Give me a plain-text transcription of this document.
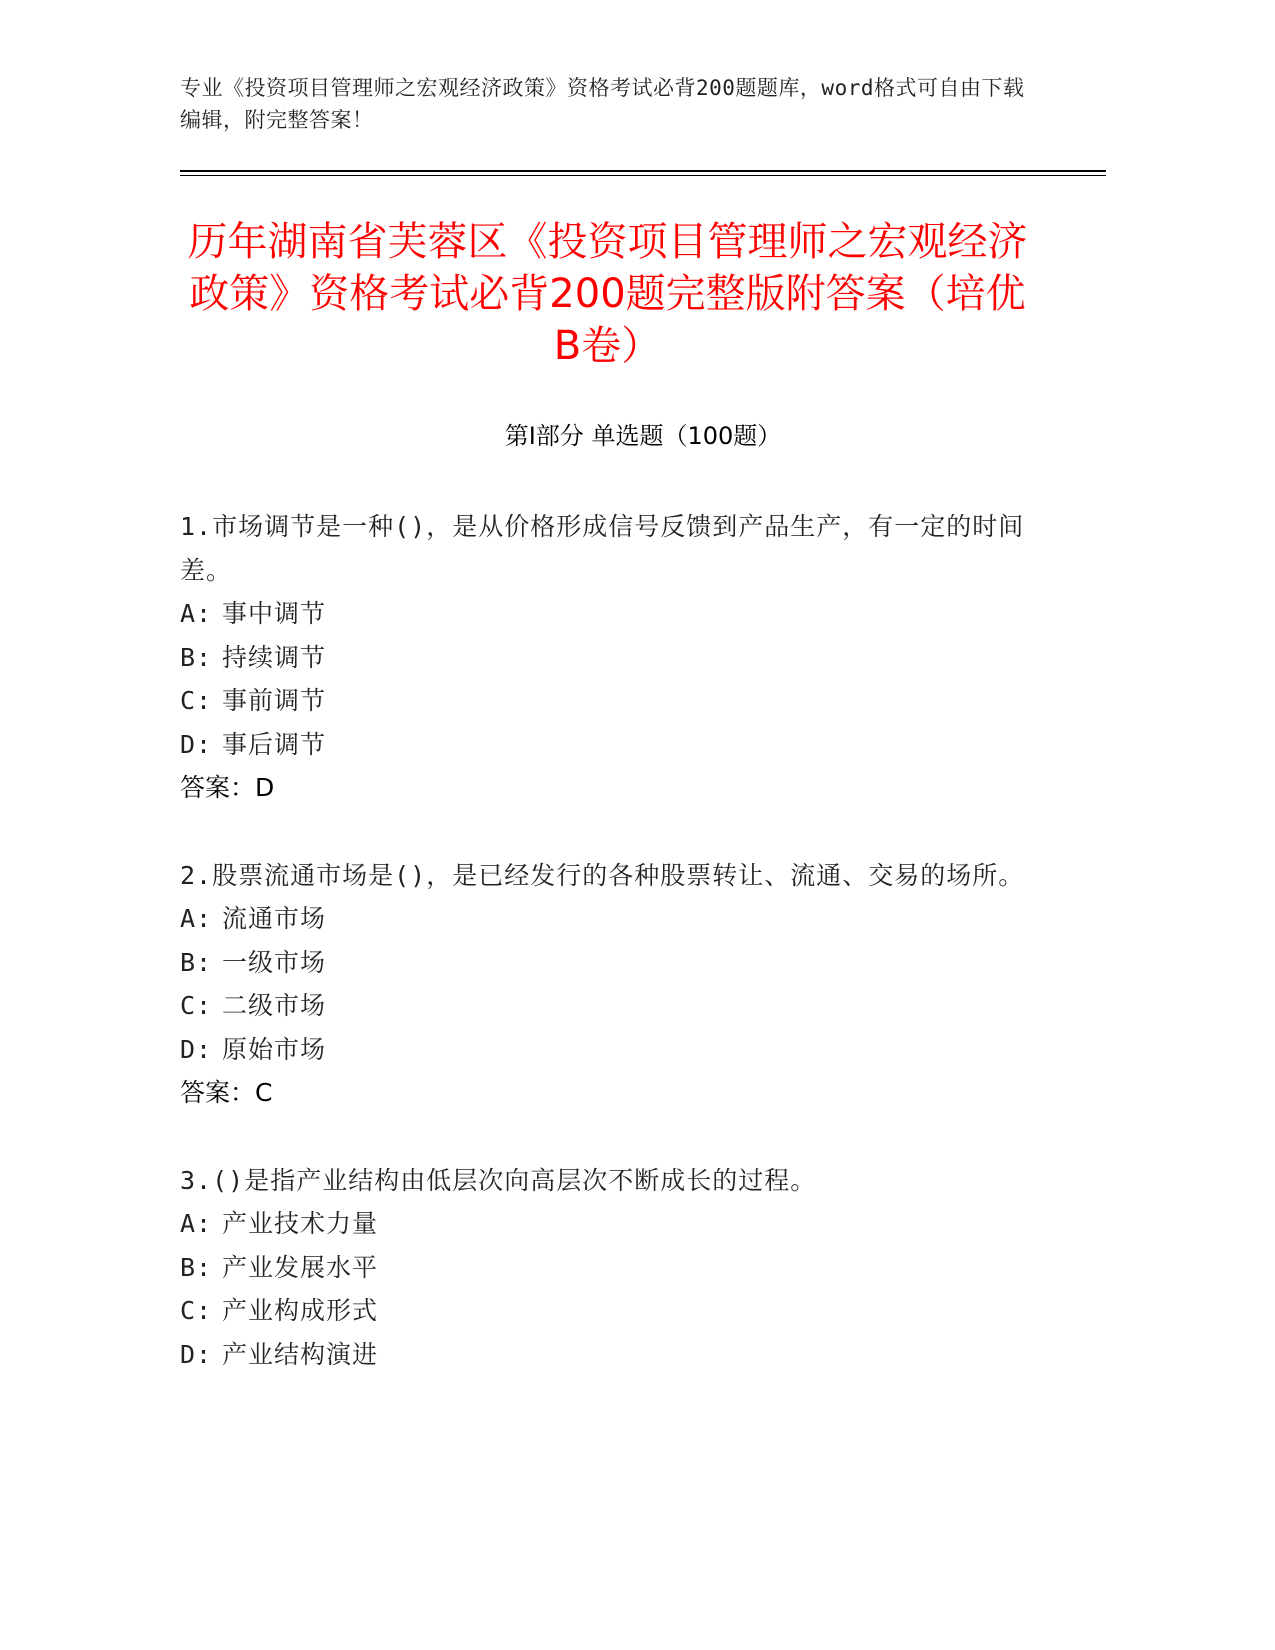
专业《投资项目管理师之宏观经济政策》资格考试必背200题题库，word格式可自由下载编辑，附完整答案！
历年湖南省芙蓉区《投资项目管理师之宏观经济政策》资格考试必背200题完整版附答案（培优B卷）
第Ⅰ部分 单选题（100题）
1.市场调节是一种()，是从价格形成信号反馈到产品生产，有一定的时间差。
A: 事中调节
B: 持续调节
C: 事前调节
D: 事后调节
答案：D
2.股票流通市场是()，是已经发行的各种股票转让、流通、交易的场所。
A: 流通市场
B: 一级市场
C: 二级市场
D: 原始市场
答案：C
3.()是指产业结构由低层次向高层次不断成长的过程。
A: 产业技术力量
B: 产业发展水平
C: 产业构成形式
D: 产业结构演进
